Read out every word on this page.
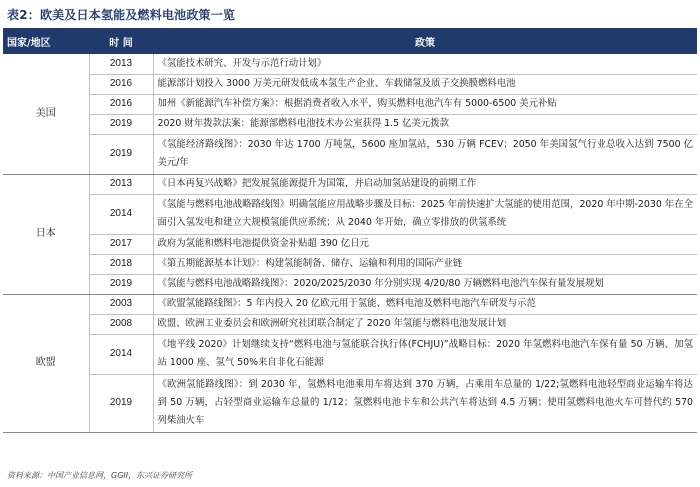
表2：欧美及日本氢能及燃料电池政策一览
国家/地区	时 间	政策
美国	2013	《氢能技术研究、开发与示范行动计划》
	2016	能源部计划投入 3000 万美元研发低成本氢生产企业、车载储氢及质子交换膜燃料电池
	2016	加州《新能源汽车补偿方案》：根据消费者收入水平，购买燃料电池汽车有 5000-6500 美元补贴
	2019	2020 财年拨款法案：能源部燃料电池技术办公室获得 1.5 亿美元拨款
	2019	《氢能经济路线图》：2030 年达 1700 万吨氢，5600 座加氢站，530 万辆 FCEV；2050 年美国氢气行业总收入达到 7500 亿美元/年
日本	2013	《日本再复兴战略》把发展氢能源提升为国策，并启动加氢站建设的前期工作
	2014	《氢能与燃料电池战略路线图》明确氢能应用战略步骤及目标：2025 年前快速扩大氢能的使用范围，2020 年中期-2030 年在全面引入氢发电和建立大规模氢能供应系统；从 2040 年开始，确立零排放的供氢系统
	2017	政府为氢能和燃料电池提供资金补贴超 390 亿日元
	2018	《第五期能源基本计划》：构建氢能制备、储存、运输和利用的国际产业链
	2019	《氢能与燃料电池战略路线图》：2020/2025/2030 年分别实现 4/20/80 万辆燃料电池汽车保有量发展规划
欧盟	2003	《欧盟氢能路线图》：5 年内投入 20 亿欧元用于氢能、燃料电池及燃料电池汽车研发与示范
	2008	欧盟、欧洲工业委员会和欧洲研究社团联合制定了 2020 年氢能与燃料电池发展计划
	2014	《地平线 2020》计划继续支持“燃料电池与氢能联合执行体(FCHJU)”战略目标：2020 年氢燃料电池汽车保有量 50 万辆、加氢站 1000 座、氢气 50%来自非化石能源
	2019	《欧洲氢能路线图》：到 2030 年，氢燃料电池乘用车将达到 370 万辆，占乘用车总量的 1/22;氢燃料电池轻型商业运输车将达到 50 万辆，占轻型商业运输车总量的 1/12；氢燃料电池卡车和公共汽车将达到 4.5 万辆；使用氢燃料电池火车可替代约 570 列柴油火车
资料来源：中国产业信息网，GGII，东兴证券研究所
